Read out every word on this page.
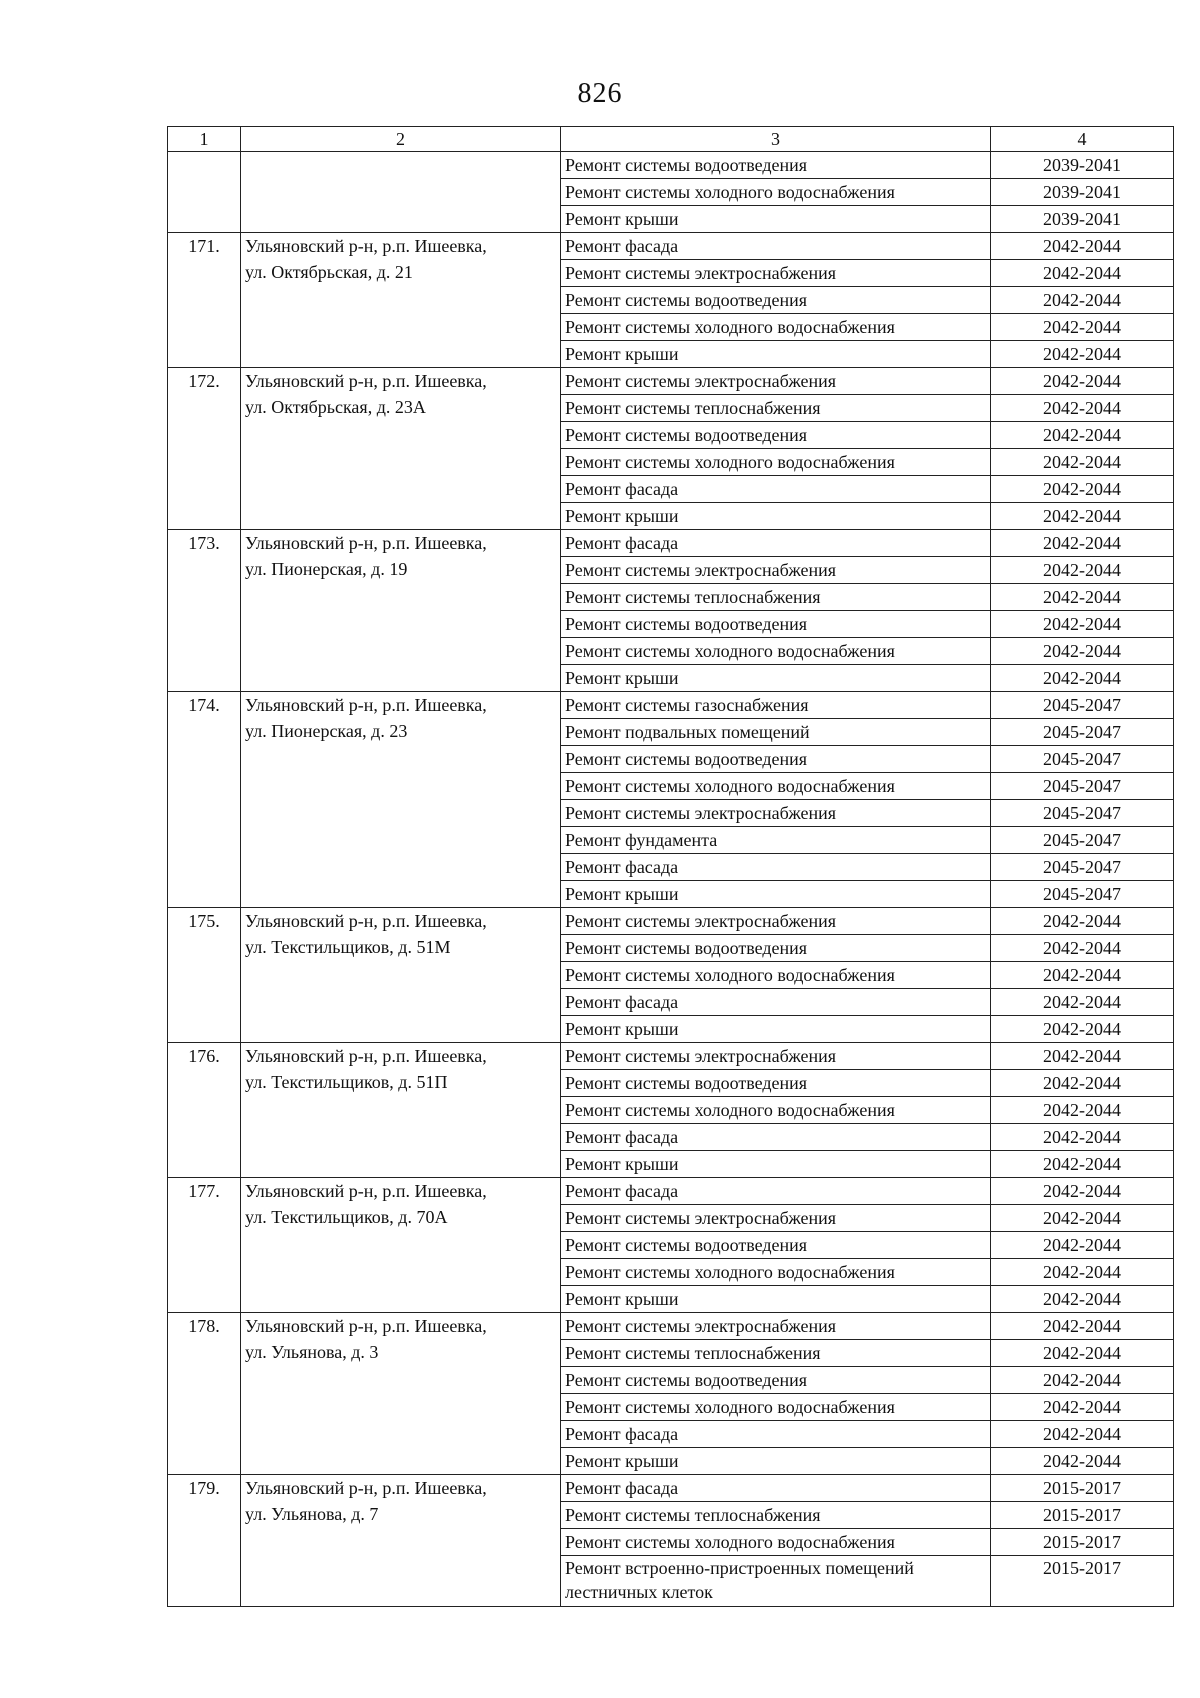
826
1	2	3	4

		Ремонт системы водоотведения	2039-2041

		Ремонт системы холодного водоснабжения	2039-2041

		Ремонт крыши	2039-2041
171.	Ульяновский р-н, р.п. Ишеевка,
ул. Октябрьская, д. 21	Ремонт фасада	2042-2044

		Ремонт системы электроснабжения	2042-2044

		Ремонт системы водоотведения	2042-2044

		Ремонт системы холодного водоснабжения	2042-2044

		Ремонт крыши	2042-2044
172.	Ульяновский р-н, р.п. Ишеевка,
ул. Октябрьская, д. 23А	Ремонт системы электроснабжения	2042-2044

		Ремонт системы теплоснабжения	2042-2044

		Ремонт системы водоотведения	2042-2044

		Ремонт системы холодного водоснабжения	2042-2044

		Ремонт фасада	2042-2044

		Ремонт крыши	2042-2044
173.	Ульяновский р-н, р.п. Ишеевка,
ул. Пионерская, д. 19	Ремонт фасада	2042-2044

		Ремонт системы электроснабжения	2042-2044

		Ремонт системы теплоснабжения	2042-2044

		Ремонт системы водоотведения	2042-2044

		Ремонт системы холодного водоснабжения	2042-2044

		Ремонт крыши	2042-2044
174.	Ульяновский р-н, р.п. Ишеевка,
ул. Пионерская, д. 23	Ремонт системы газоснабжения	2045-2047

		Ремонт подвальных помещений	2045-2047

		Ремонт системы водоотведения	2045-2047

		Ремонт системы холодного водоснабжения	2045-2047

		Ремонт системы электроснабжения	2045-2047

		Ремонт фундамента	2045-2047

		Ремонт фасада	2045-2047

		Ремонт крыши	2045-2047
175.	Ульяновский р-н, р.п. Ишеевка,
ул. Текстильщиков, д. 51М	Ремонт системы электроснабжения	2042-2044

		Ремонт системы водоотведения	2042-2044

		Ремонт системы холодного водоснабжения	2042-2044

		Ремонт фасада	2042-2044

		Ремонт крыши	2042-2044
176.	Ульяновский р-н, р.п. Ишеевка,
ул. Текстильщиков, д. 51П	Ремонт системы электроснабжения	2042-2044

		Ремонт системы водоотведения	2042-2044

		Ремонт системы холодного водоснабжения	2042-2044

		Ремонт фасада	2042-2044

		Ремонт крыши	2042-2044
177.	Ульяновский р-н, р.п. Ишеевка,
ул. Текстильщиков, д. 70А	Ремонт фасада	2042-2044

		Ремонт системы электроснабжения	2042-2044

		Ремонт системы водоотведения	2042-2044

		Ремонт системы холодного водоснабжения	2042-2044

		Ремонт крыши	2042-2044
178.	Ульяновский р-н, р.п. Ишеевка,
ул. Ульянова, д. 3	Ремонт системы электроснабжения	2042-2044

		Ремонт системы теплоснабжения	2042-2044

		Ремонт системы водоотведения	2042-2044

		Ремонт системы холодного водоснабжения	2042-2044

		Ремонт фасада	2042-2044

		Ремонт крыши	2042-2044
179.	Ульяновский р-н, р.п. Ишеевка,
ул. Ульянова, д. 7	Ремонт фасада	2015-2017

		Ремонт системы теплоснабжения	2015-2017

		Ремонт системы холодного водоснабжения	2015-2017

		Ремонт встроенно-пристроенных помещений
лестничных клеток	2015-2017
